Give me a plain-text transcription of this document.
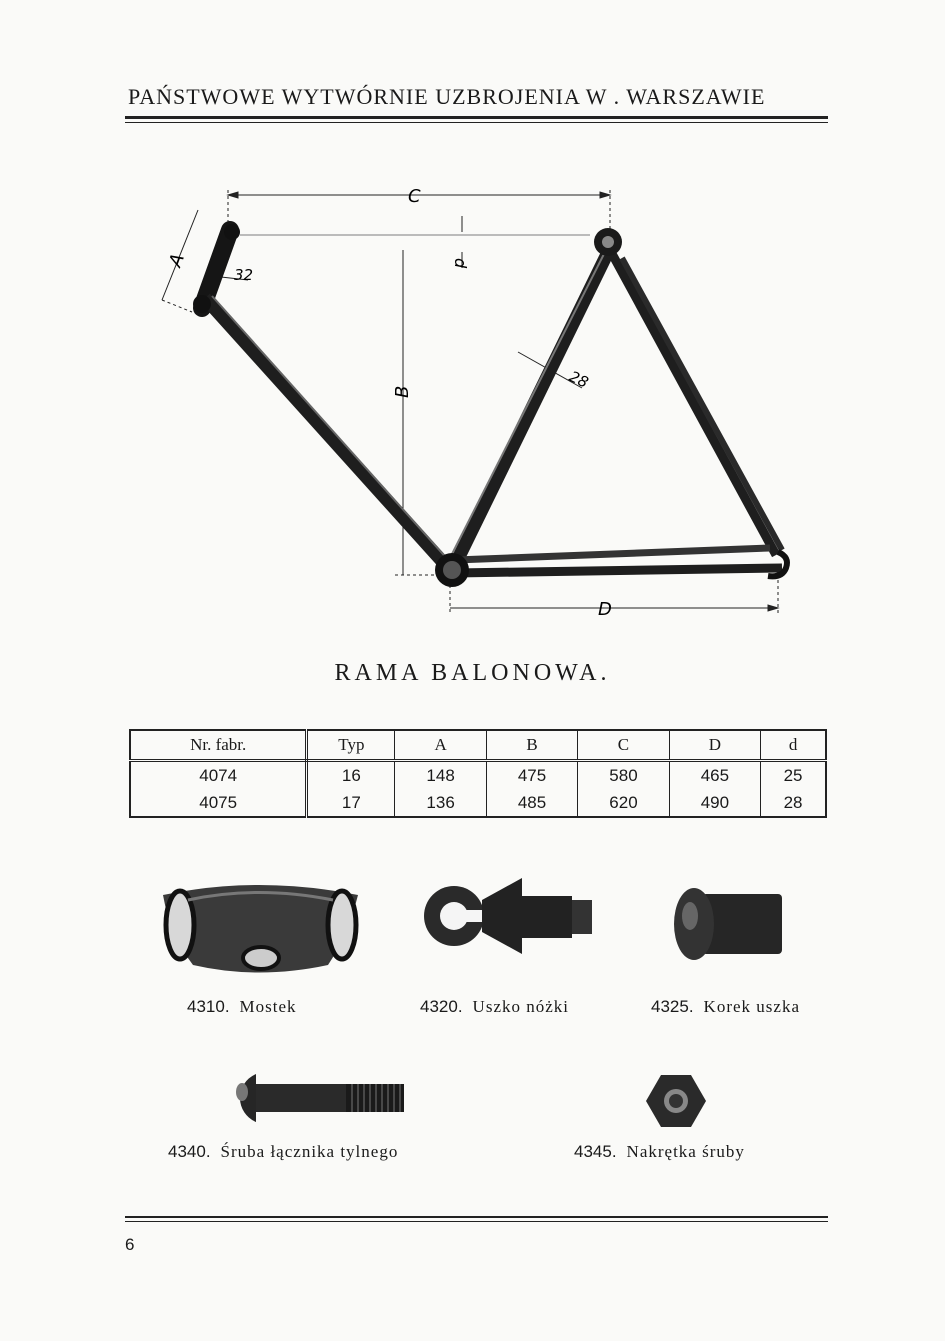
PAŃSTWOWE WYTWÓRNIE UZBROJENIA W . WARSZAWIE
C
A
32
d
B
28
D
RAMA BALONOWA.
Nr. fabr.	Typ	A	B	C	D	d
4074	16	148	475	580	465	25
4075	17	136	485	620	490	28
4310. Mostek	4320. Uszko nóżki	4325. Korek uszka
4340. Śruba łącznika tylnego	4345. Nakrętka śruby
6
